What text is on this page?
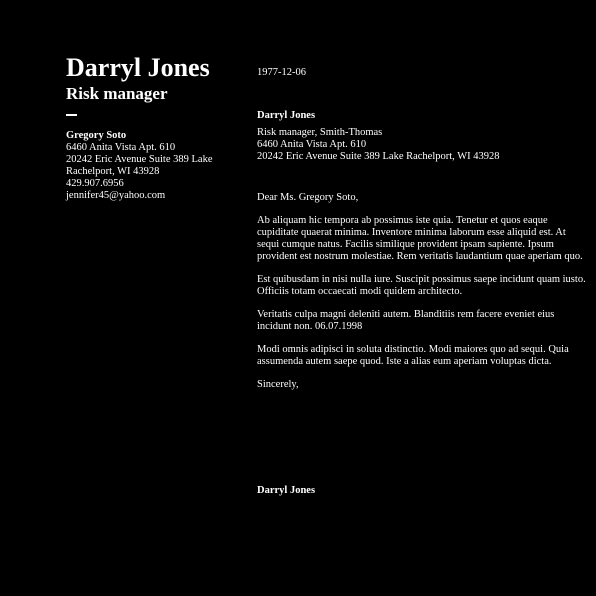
Darryl Jones
Risk manager
Gregory Soto
6460 Anita Vista Apt. 610
20242 Eric Avenue Suite 389 Lake
Rachelport, WI 43928
429.907.6956
jennifer45@yahoo.com
1977-12-06
Darryl Jones
Risk manager, Smith-Thomas
6460 Anita Vista Apt. 610
20242 Eric Avenue Suite 389 Lake Rachelport, WI 43928
Dear Ms. Gregory Soto,
Ab aliquam hic tempora ab possimus iste quia. Tenetur et quos eaque cupiditate quaerat minima. Inventore minima laborum esse aliquid est. At sequi cumque natus. Facilis similique provident ipsam sapiente. Ipsum provident est nostrum molestiae. Rem veritatis laudantium quae aperiam quo.
Est quibusdam in nisi nulla iure. Suscipit possimus saepe incidunt quam iusto. Officiis totam occaecati modi quidem architecto.
Veritatis culpa magni deleniti autem. Blanditiis rem facere eveniet eius incidunt non. 06.07.1998
Modi omnis adipisci in soluta distinctio. Modi maiores quo ad sequi. Quia assumenda autem saepe quod. Iste a alias eum aperiam voluptas dicta.
Sincerely,
Darryl Jones
